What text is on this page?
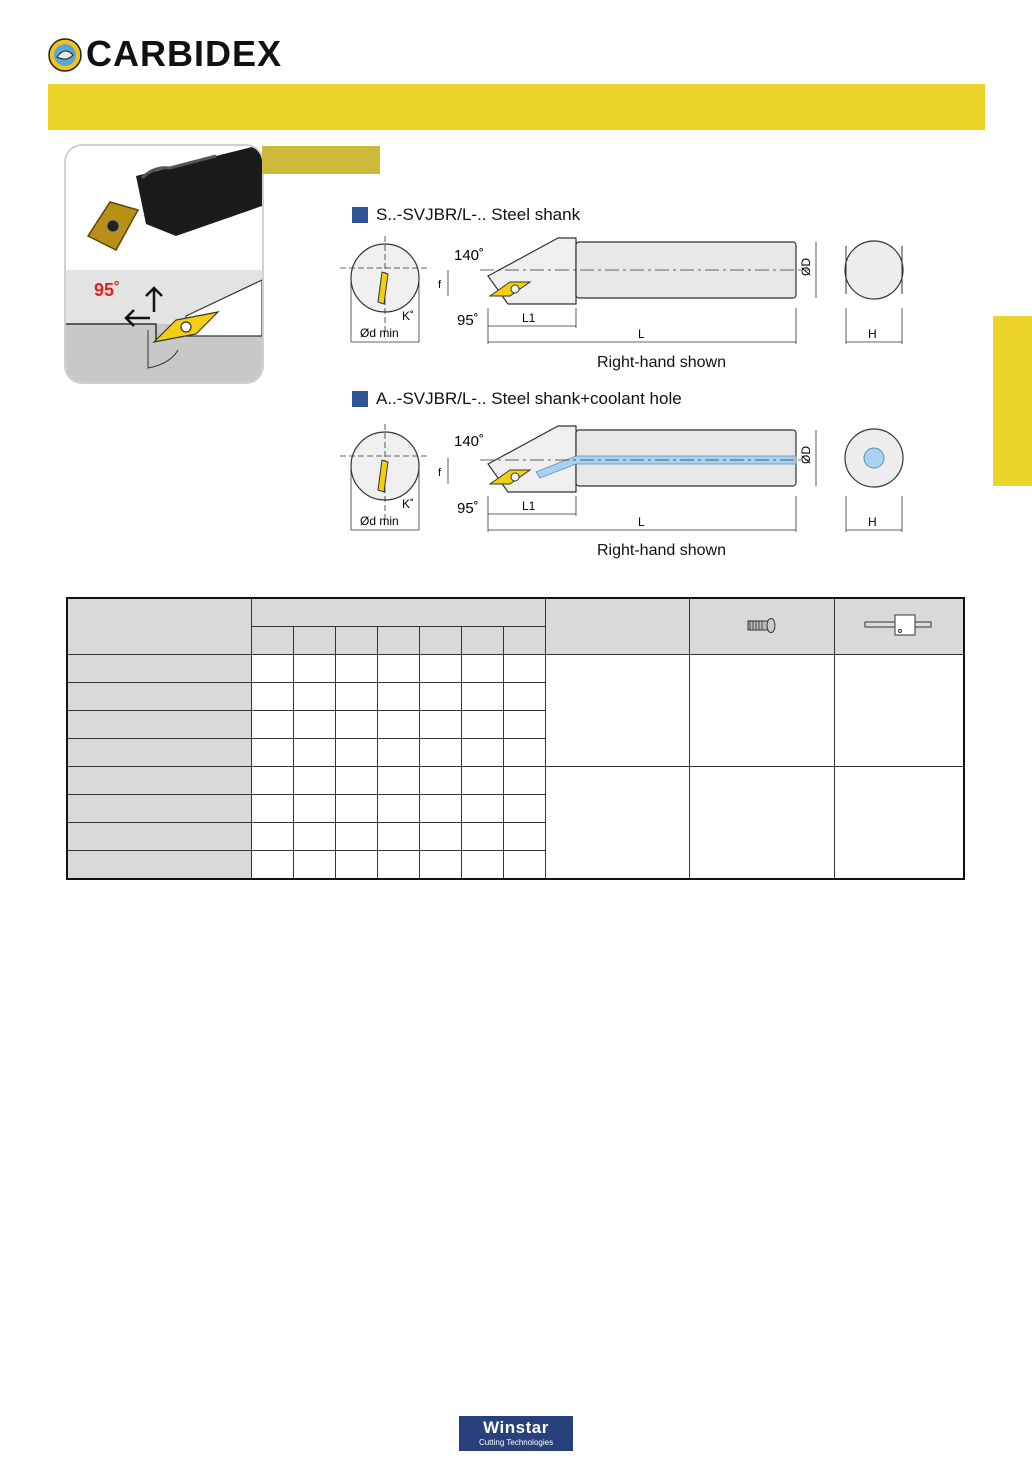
CARBIDEX
95˚
S..-SVJBR/L-.. Steel shank
140˚
95˚
f
K˚
Ød min
L1
L
ØD
H
Right-hand shown
A..-SVJBR/L-.. Steel shank+coolant hole
140˚
95˚
f
K˚
Ød min
L1
L
ØD
H
Right-hand shown

Winstar
Cutting Technologies
